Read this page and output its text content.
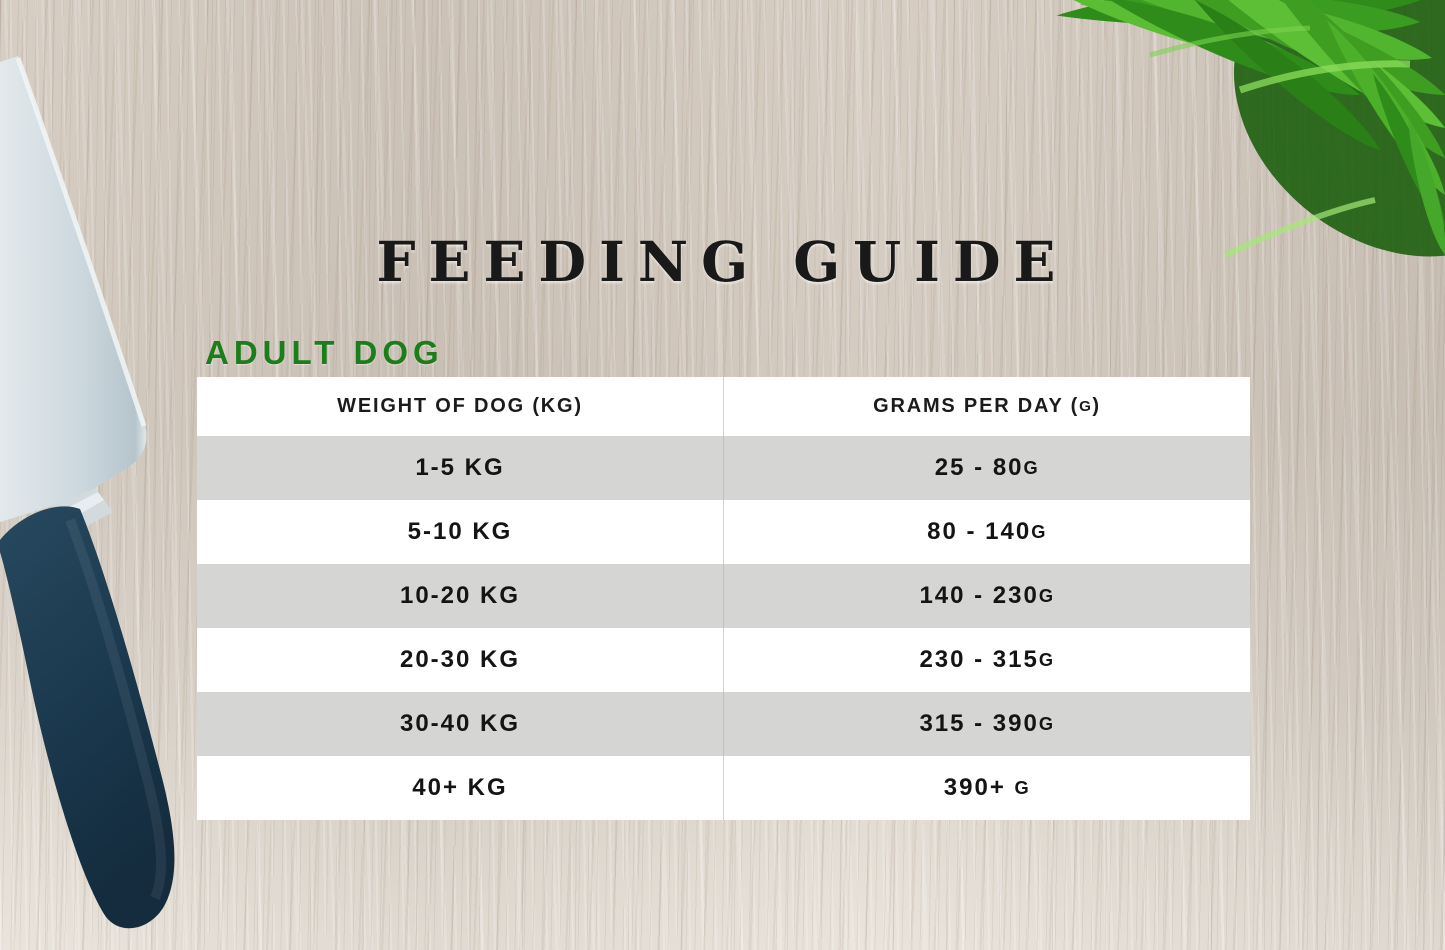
FEEDING GUIDE
ADULT DOG
WEIGHT OF DOG (KG)	GRAMS PER DAY ( G )
1-5 KG	25 - 80 G
5-10 KG	80 - 140 G
10-20 KG	140 - 230 G
20-30 KG	230 - 315 G
30-40 KG	315 - 390 G
40+ KG	390+ G
